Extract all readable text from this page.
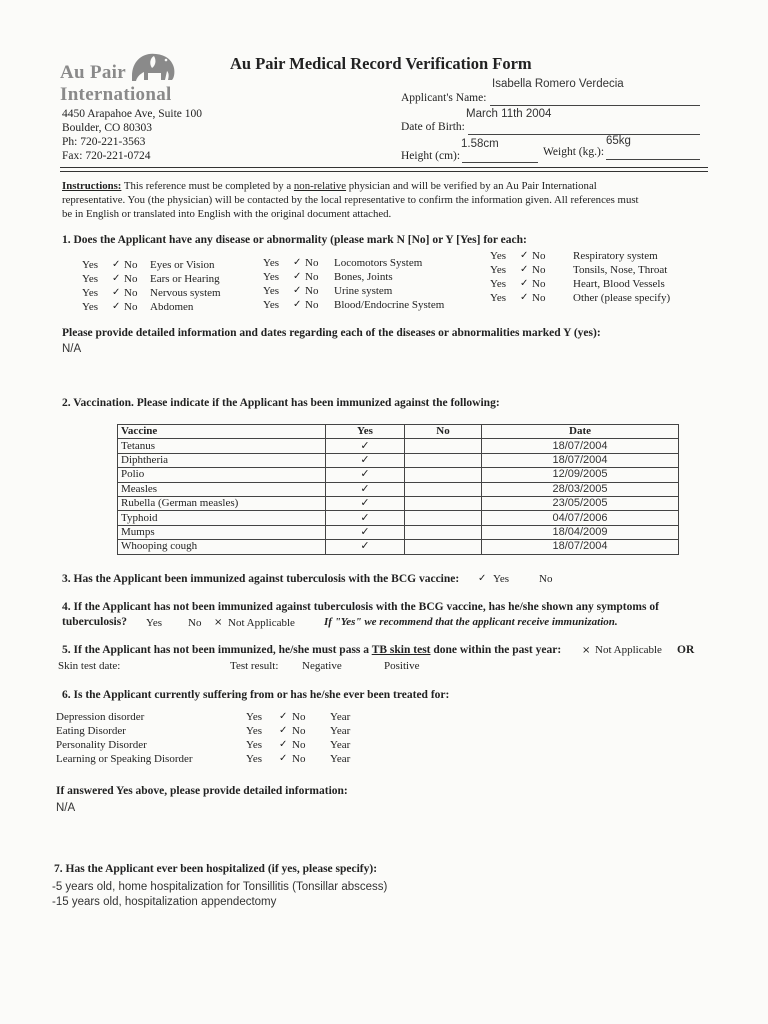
Au Pair
International
4450 Arapahoe Ave, Suite 100
Boulder, CO 80303
Ph: 720-221-3563
Fax: 720-221-0724
Au Pair Medical Record Verification Form
Isabella Romero Verdecia
Applicant's Name:
March 11th 2004
Date of Birth:
1.58cm
Height (cm):
65kg
Weight (kg.):
Instructions: This reference must be completed by a non-relative physician and will be verified by an Au Pair International
representative. You (the physician) will be contacted by the local representative to confirm the information given. All references must
be in English or translated into English with the original document attached.
1. Does the Applicant have any disease or abnormality (please mark N [No] or Y [Yes] for each:
Yes ✓ No Eyes or Vision
Yes ✓ No Ears or Hearing
Yes ✓ No Nervous system
Yes ✓ No Abdomen
Yes ✓ No Locomotors System
Yes ✓ No Bones, Joints
Yes ✓ No Urine system
Yes ✓ No Blood/Endocrine System
Yes ✓ No	Respiratory system
Yes ✓ No	Tonsils, Nose, Throat
Yes ✓ No	Heart, Blood Vessels
Yes ✓ No	Other (please specify)
Please provide detailed information and dates regarding each of the diseases or abnormalities marked Y (yes):
N/A
2. Vaccination. Please indicate if the Applicant has been immunized against the following:
Vaccine	Yes	No	Date
Tetanus	✓		18/07/2004
Diphtheria	✓		18/07/2004
Polio	✓		12/09/2005
Measles	✓		28/03/2005
Rubella (German measles)	✓		23/05/2005
Typhoid	✓		04/07/2006
Mumps	✓		18/04/2009
Whooping cough	✓		18/07/2004
3. Has the Applicant been immunized against tuberculosis with the BCG vaccine: ✓ Yes	No
4. If the Applicant has not been immunized against tuberculosis with the BCG vaccine, has he/she shown any symptoms of
tuberculosis? Yes No × Not Applicable	If "Yes" we recommend that the applicant receive immunization.
5. If the Applicant has not been immunized, he/she must pass a TB skin test done within the past year: × Not Applicable OR
Skin test date:	Test result: Negative	Positive
6. Is the Applicant currently suffering from or has he/she ever been treated for:
Depression disorder	Yes ✓ No Year
Eating Disorder	Yes ✓ No Year
Personality Disorder	Yes ✓ No Year
Learning or Speaking Disorder	Yes ✓ No Year
If answered Yes above, please provide detailed information:
N/A
7. Has the Applicant ever been hospitalized (if yes, please specify):
-5 years old, home hospitalization for Tonsillitis (Tonsillar abscess)
-15 years old, hospitalization appendectomy
